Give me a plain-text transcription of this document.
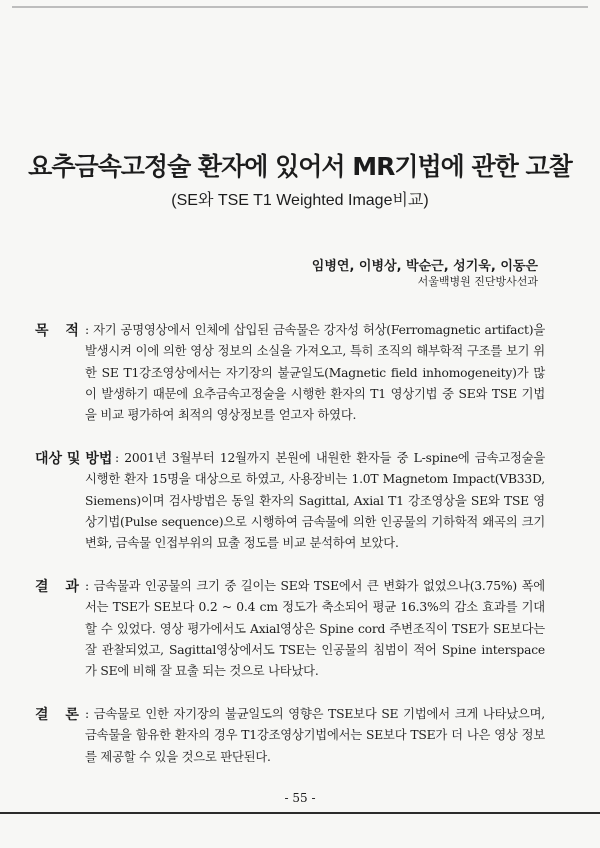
요추금속고정술 환자에 있어서 MR기법에 관한 고찰
(SE와 TSE T1 Weighted Image비교)
임병연, 이병상, 박순근, 성기욱, 이동은
서울백병원 진단방사선과
목 적 : 자기 공명영상에서 인체에 삽입된 금속물은 강자성 허상(Ferromagnetic artifact)을 발생시켜 이에 의한 영상 정보의 소실을 가져오고, 특히 조직의 해부학적 구조를 보기 위한 SE T1강조영상에서는 자기장의 불균일도(Magnetic field inhomogeneity)가 많이 발생하기 때문에 요추금속고정술을 시행한 환자의 T1 영상기법 중 SE와 TSE 기법을 비교 평가하여 최적의 영상정보를 얻고자 하였다.
대상 및 방법 : 2001년 3월부터 12월까지 본원에 내원한 환자들 중 L-spine에 금속고정술을 시행한 환자 15명을 대상으로 하였고, 사용장비는 1.0T Magnetom Impact(VB33D, Siemens)이며 검사방법은 동일 환자의 Sagittal, Axial T1 강조영상을 SE와 TSE 영상기법(Pulse sequence)으로 시행하여 금속물에 의한 인공물의 기하학적 왜곡의 크기 변화, 금속물 인접부위의 묘출 정도를 비교 분석하여 보았다.
결 과 : 금속물과 인공물의 크기 중 길이는 SE와 TSE에서 큰 변화가 없었으나(3.75%) 폭에서는 TSE가 SE보다 0.2 ~ 0.4 cm 정도가 축소되어 평균 16.3%의 감소 효과를 기대할 수 있었다. 영상 평가에서도 Axial영상은 Spine cord 주변조직이 TSE가 SE보다는 잘 관찰되었고, Sagittal영상에서도 TSE는 인공물의 침범이 적어 Spine interspace가 SE에 비해 잘 묘출 되는 것으로 나타났다.
결 론 : 금속물로 인한 자기장의 불균일도의 영향은 TSE보다 SE 기법에서 크게 나타났으며, 금속물을 함유한 환자의 경우 T1강조영상기법에서는 SE보다 TSE가 더 나은 영상 정보를 제공할 수 있을 것으로 판단된다.
- 55 -
